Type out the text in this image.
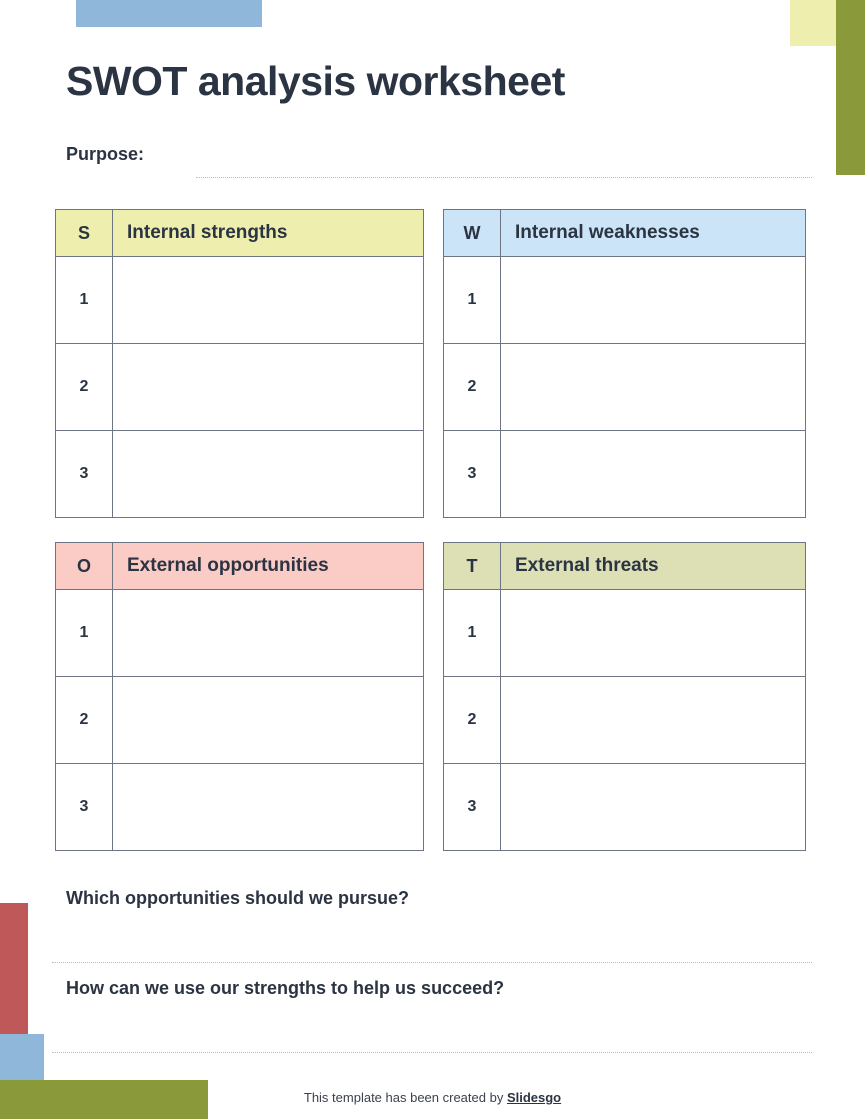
SWOT analysis worksheet
Purpose:
S	Internal strengths
1	
2	
3	
W	Internal weaknesses
1	
2	
3	
O	External opportunities
1	
2	
3	
T	External threats
1	
2	
3	
Which opportunities should we pursue?
How can we use our strengths to help us succeed?
This template has been created by Slidesgo
